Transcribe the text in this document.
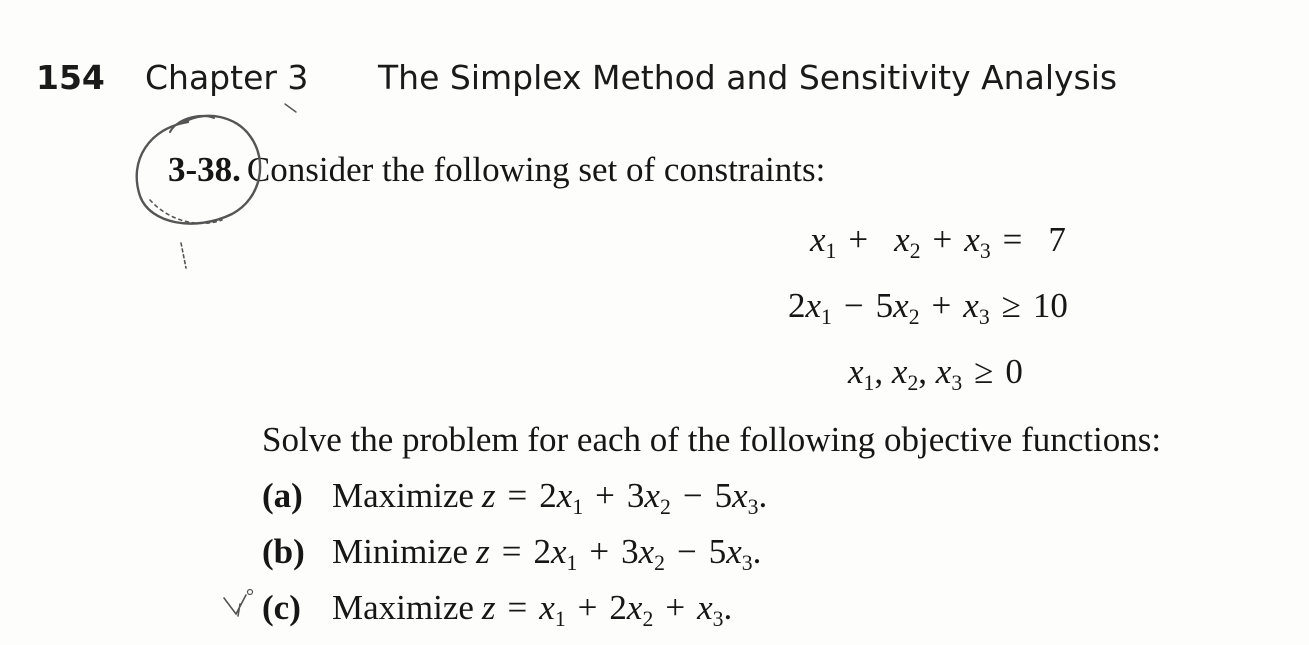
154 Chapter 3 The Simplex Method and Sensitivity Analysis
3-38. Consider the following set of constraints:
$x_1 + x_2 + x_3 = 7$
$2x_1 - 5x_2 + x_3 \ge 10$
$x_1$, $x_2$, $x_3 \ge 0$
Solve the problem for each of the following objective functions:
(a) Maximize $z = 2x_1 + 3x_2 - 5x_3$.
(b) Minimize $z = 2x_1 + 3x_2 - 5x_3$.
(c) Maximize $z = x_1 + 2x_2 + x_3$.
